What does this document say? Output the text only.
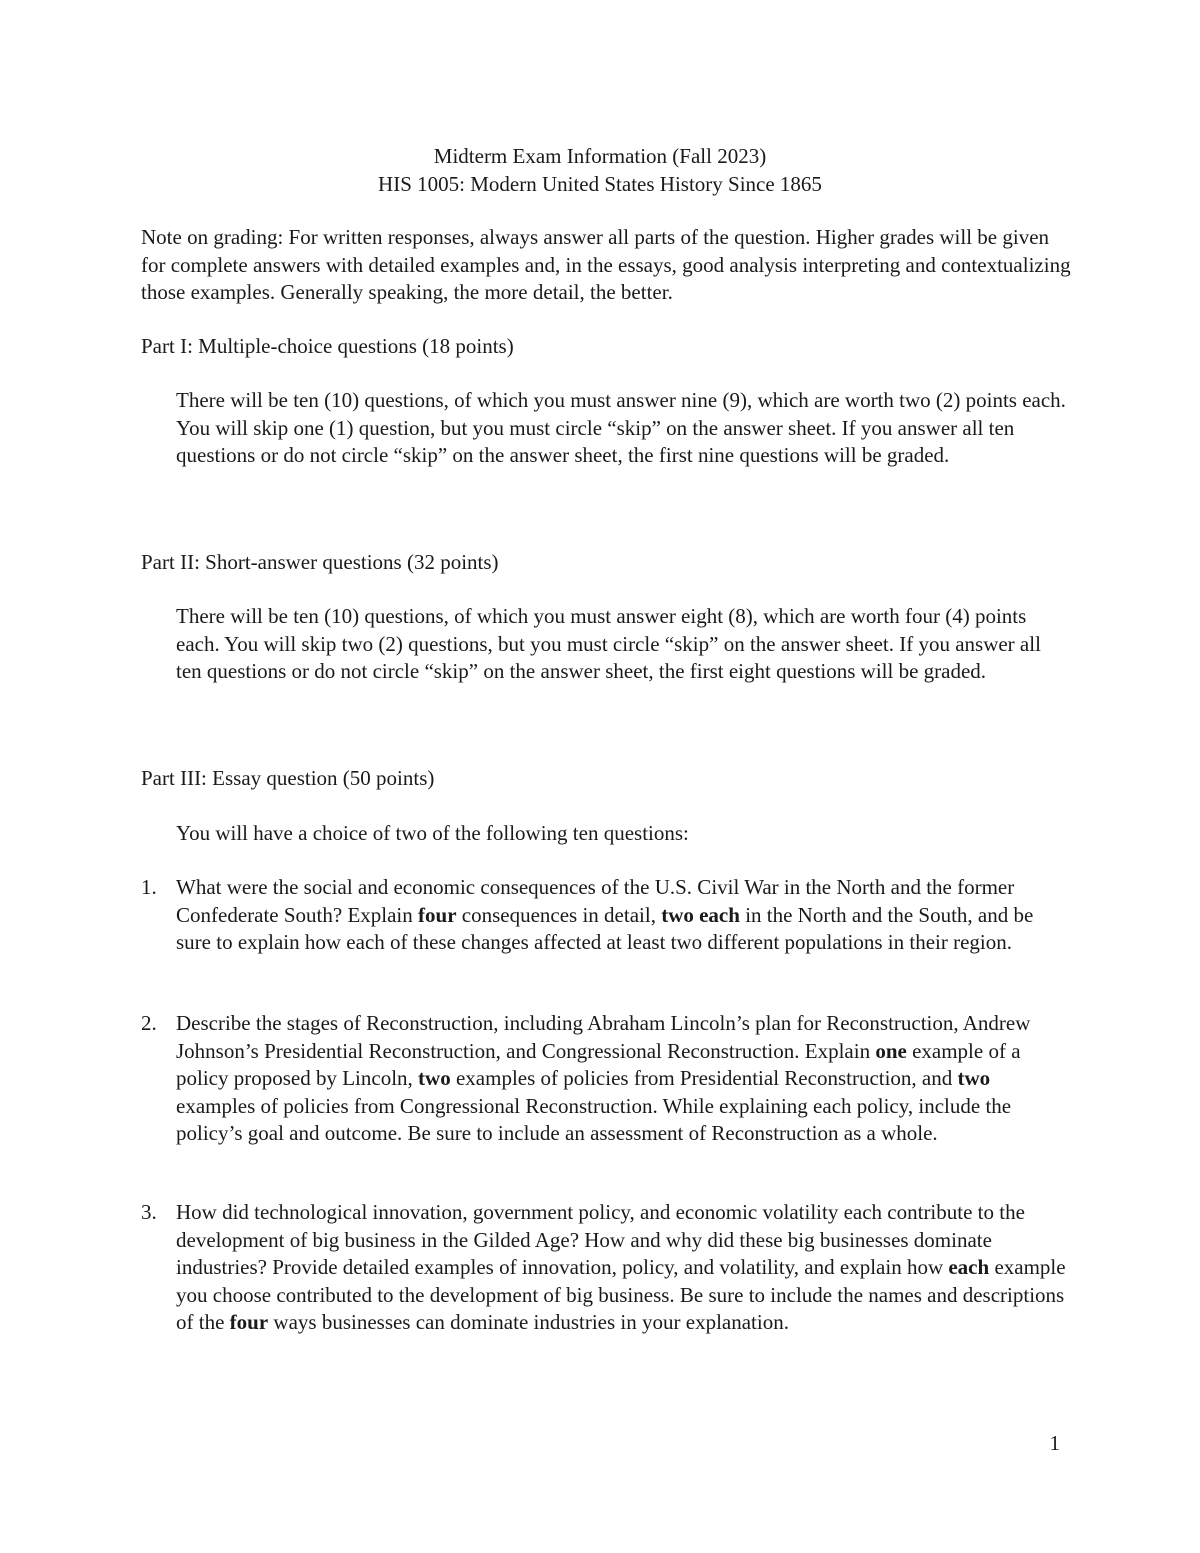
Midterm Exam Information (Fall 2023)
HIS 1005: Modern United States History Since 1865
Note on grading: For written responses, always answer all parts of the question. Higher grades will be given for complete answers with detailed examples and, in the essays, good analysis interpreting and contextualizing those examples. Generally speaking, the more detail, the better.
Part I: Multiple-choice questions (18 points)
There will be ten (10) questions, of which you must answer nine (9), which are worth two (2) points each. You will skip one (1) question, but you must circle “skip” on the answer sheet. If you answer all ten questions or do not circle “skip” on the answer sheet, the first nine questions will be graded.
Part II: Short-answer questions (32 points)
There will be ten (10) questions, of which you must answer eight (8), which are worth four (4) points each. You will skip two (2) questions, but you must circle “skip” on the answer sheet. If you answer all ten questions or do not circle “skip” on the answer sheet, the first eight questions will be graded.
Part III: Essay question (50 points)
You will have a choice of two of the following ten questions:
1. What were the social and economic consequences of the U.S. Civil War in the North and the former Confederate South? Explain four consequences in detail, two each in the North and the South, and be sure to explain how each of these changes affected at least two different populations in their region.
2. Describe the stages of Reconstruction, including Abraham Lincoln’s plan for Reconstruction, Andrew Johnson’s Presidential Reconstruction, and Congressional Reconstruction. Explain one example of a policy proposed by Lincoln, two examples of policies from Presidential Reconstruction, and two examples of policies from Congressional Reconstruction. While explaining each policy, include the policy’s goal and outcome. Be sure to include an assessment of Reconstruction as a whole.
3. How did technological innovation, government policy, and economic volatility each contribute to the development of big business in the Gilded Age? How and why did these big businesses dominate industries? Provide detailed examples of innovation, policy, and volatility, and explain how each example you choose contributed to the development of big business. Be sure to include the names and descriptions of the four ways businesses can dominate industries in your explanation.
1
